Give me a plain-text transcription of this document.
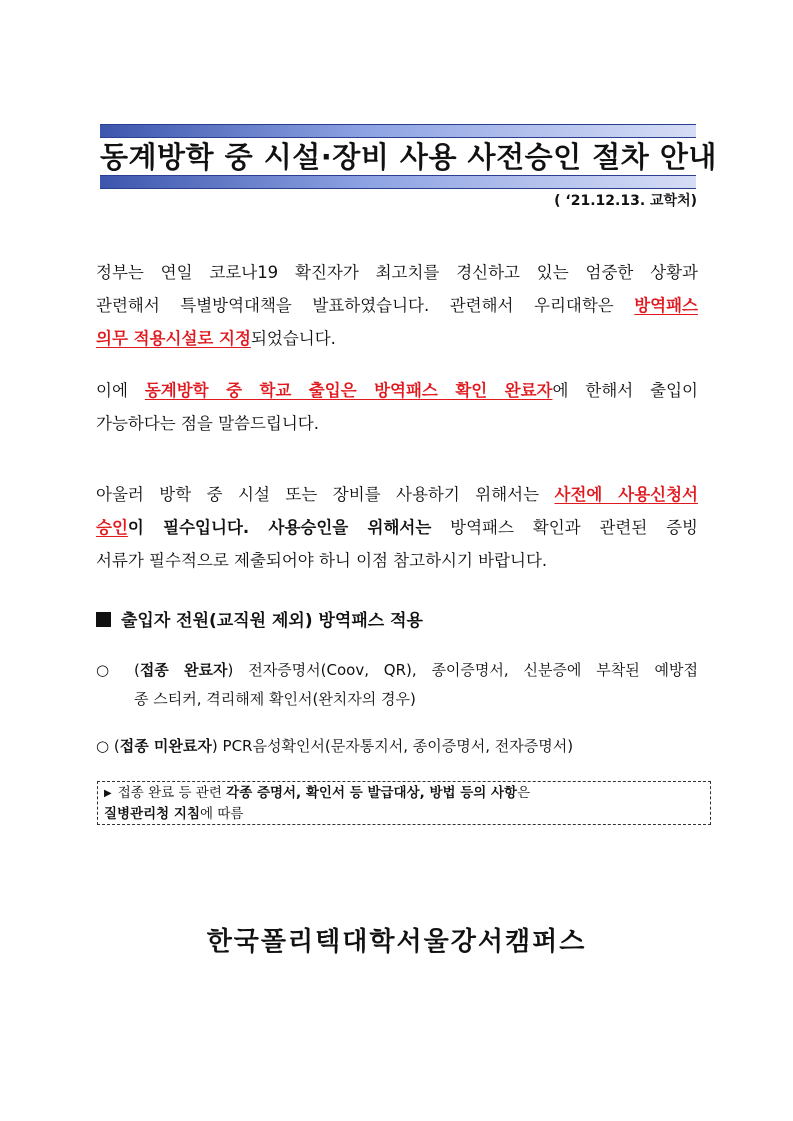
동계방학 중 시설·장비 사용 사전승인 절차 안내
( ‘21.12.13. 교학처)
정부는 연일 코로나19 확진자가 최고치를 경신하고 있는 엄중한 상황과
관련해서 특별방역대책을 발표하였습니다. 관련해서 우리대학은 방역패스
의무 적용시설로 지정되었습니다.
이에 동계방학 중 학교 출입은 방역패스 확인 완료자에 한해서 출입이
가능하다는 점을 말씀드립니다.
아울러 방학 중 시설 또는 장비를 사용하기 위해서는 사전에 사용신청서
승인이 필수입니다. 사용승인을 위해서는 방역패스 확인과 관련된 증빙
서류가 필수적으로 제출되어야 하니 이점 참고하시기 바랍니다.
출입자 전원(교직원 제외) 방역패스 적용
○ (접종 완료자) 전자증명서(Coov, QR), 종이증명서, 신분증에 부착된 예방접
종 스티커, 격리해제 확인서(완치자의 경우)
○ (접종 미완료자) PCR음성확인서(문자통지서, 종이증명서, 전자증명서)
▶ 접종 완료 등 관련 각종 증명서, 확인서 등 발급대상, 방법 등의 사항은
질병관리청 지침에 따름
한국폴리텍대학서울강서캠퍼스
